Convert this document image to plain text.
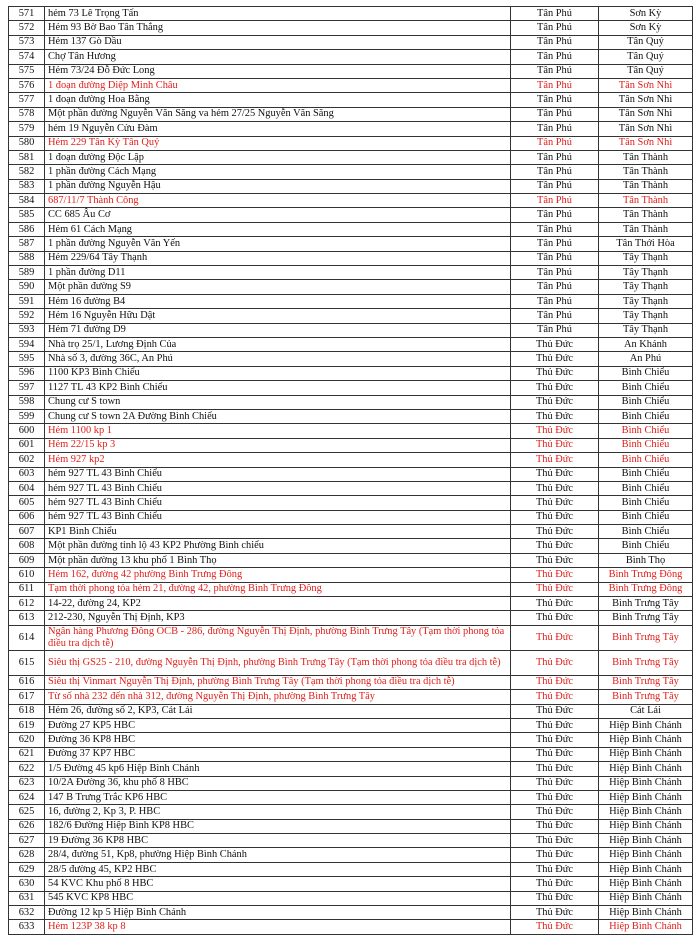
571	hẻm 73 Lê Trọng Tấn	Tân Phú	Sơn Kỳ
572	Hẻm 93 Bờ Bao Tân Thắng	Tân Phú	Sơn Kỳ
573	Hẻm 137 Gò Dầu	Tân Phú	Tân Quý
574	Chợ Tân Hương	Tân Phú	Tân Quý
575	Hẻm 73/24 Đỗ Đức Long	Tân Phú	Tân Quý
576	1 đoạn đường Diệp Minh Châu	Tân Phú	Tân Sơn Nhì
577	1 đoạn đường Hoa Bằng	Tân Phú	Tân Sơn Nhì
578	Một phần đường Nguyễn Văn Săng va hẻm 27/25 Nguyễn Văn Săng	Tân Phú	Tân Sơn Nhì
579	hẻm 19 Nguyễn Cửu Đàm	Tân Phú	Tân Sơn Nhì
580	Hẻm 229 Tân Kỳ Tân Quý	Tân Phú	Tân Sơn Nhì
581	1 đoạn đường Độc Lập	Tân Phú	Tân Thành
582	1 phần đường Cách Mạng	Tân Phú	Tân Thành
583	1 phần đường Nguyễn Hậu	Tân Phú	Tân Thành
584	687/11/7 Thành Công	Tân Phú	Tân Thành
585	CC 685 Âu Cơ	Tân Phú	Tân Thành
586	Hẻm 61 Cách Mạng	Tân Phú	Tân Thành
587	1 phần đường Nguyễn Văn Yến	Tân Phú	Tân Thới Hòa
588	Hẻm 229/64 Tây Thạnh	Tân Phú	Tây Thạnh
589	1 phần đường D11	Tân Phú	Tây Thạnh
590	Một phần đường S9	Tân Phú	Tây Thạnh
591	Hẻm 16 đường B4	Tân Phú	Tây Thạnh
592	Hẻm 16 Nguyễn Hữu Dật	Tân Phú	Tây Thạnh
593	Hẻm 71 đường D9	Tân Phú	Tây Thạnh
594	Nhà trọ 25/1, Lương Định Của	Thủ Đức	An Khánh
595	Nhà số 3, đường 36C, An Phú	Thủ Đức	An Phú
596	1100 KP3 Bình Chiểu	Thủ Đức	Bình Chiểu
597	1127 TL 43 KP2 Bình Chiểu	Thủ Đức	Bình Chiểu
598	Chung cư S town	Thủ Đức	Bình Chiểu
599	Chung cư S town 2A Đường Bình Chiểu	Thủ Đức	Bình Chiểu
600	Hẻm 1100 kp 1	Thủ Đức	Bình Chiểu
601	Hẻm 22/15 kp 3	Thủ Đức	Bình Chiểu
602	Hẻm 927 kp2	Thủ Đức	Bình Chiểu
603	hẻm 927 TL 43 Bình Chiểu	Thủ Đức	Bình Chiểu
604	hẻm 927 TL 43 Bình Chiểu	Thủ Đức	Bình Chiểu
605	hẻm 927 TL 43 Bình Chiểu	Thủ Đức	Bình Chiểu
606	hẻm 927 TL 43 Bình Chiểu	Thủ Đức	Bình Chiểu
607	KP1 Bình Chiểu	Thủ Đức	Bình Chiểu
608	Một phần đường tỉnh lộ 43 KP2 Phường Bình chiểu	Thủ Đức	Bình Chiểu
609	Một phần đường 13 khu phố 1 Bình Thọ	Thủ Đức	Bình Thọ
610	Hẻm 162, đường 42 phường Bình Trưng Đông	Thủ Đức	Bình Trưng Đông
611	Tạm thời phong tỏa hẻm 21, đường 42, phường Bình Trưng Đông	Thủ Đức	Bình Trưng Đông
612	14-22, đường 24, KP2	Thủ Đức	Bình Trưng Tây
613	212-230, Nguyễn Thị Định, KP3	Thủ Đức	Bình Trưng Tây
614	Ngân hàng Phương Đông OCB - 286, đường Nguyễn Thị Định, phường Bình Trưng Tây (Tạm thời phong tỏa điều tra dịch tễ)	Thủ Đức	Bình Trưng Tây
615	Siêu thị GS25 - 210, đường Nguyễn Thị Định, phường Bình Trưng Tây (Tạm thời phong tỏa điều tra dịch tễ)	Thủ Đức	Bình Trưng Tây
616	Siêu thị Vinmart Nguyễn Thị Định, phường Bình Trưng Tây (Tạm thời phong tỏa điều tra dịch tễ)	Thủ Đức	Bình Trưng Tây
617	Từ số nhà 232 đến nhà 312, đường Nguyễn Thị Định, phường Bình Trưng Tây	Thủ Đức	Bình Trưng Tây
618	Hẻm 26, đường số 2, KP3, Cát Lái	Thủ Đức	Cát Lái
619	Đường 27 KP5 HBC	Thủ Đức	Hiệp Bình Chánh
620	Đường 36 KP8 HBC	Thủ Đức	Hiệp Bình Chánh
621	Đường 37 KP7 HBC	Thủ Đức	Hiệp Bình Chánh
622	1/5 Đường 45 kp6 Hiệp Bình Chánh	Thủ Đức	Hiệp Bình Chánh
623	10/2A Đường 36, khu phố 8 HBC	Thủ Đức	Hiệp Bình Chánh
624	147 B Trưng Trắc KP6 HBC	Thủ Đức	Hiệp Bình Chánh
625	16, đường 2, Kp 3, P. HBC	Thủ Đức	Hiệp Bình Chánh
626	182/6 Đường Hiệp Bình KP8 HBC	Thủ Đức	Hiệp Bình Chánh
627	19 Đường 36 KP8 HBC	Thủ Đức	Hiệp Bình Chánh
628	28/4, đường 51, Kp8, phường Hiệp Bình Chánh	Thủ Đức	Hiệp Bình Chánh
629	28/5 đường 45, KP2 HBC	Thủ Đức	Hiệp Bình Chánh
630	54 KVC Khu phố 8 HBC	Thủ Đức	Hiệp Bình Chánh
631	545 KVC KP8 HBC	Thủ Đức	Hiệp Bình Chánh
632	Đường 12 kp 5 Hiệp Bình Chánh	Thủ Đức	Hiệp Bình Chánh
633	Hẻm 123P 38 kp 8	Thủ Đức	Hiệp Bình Chánh
